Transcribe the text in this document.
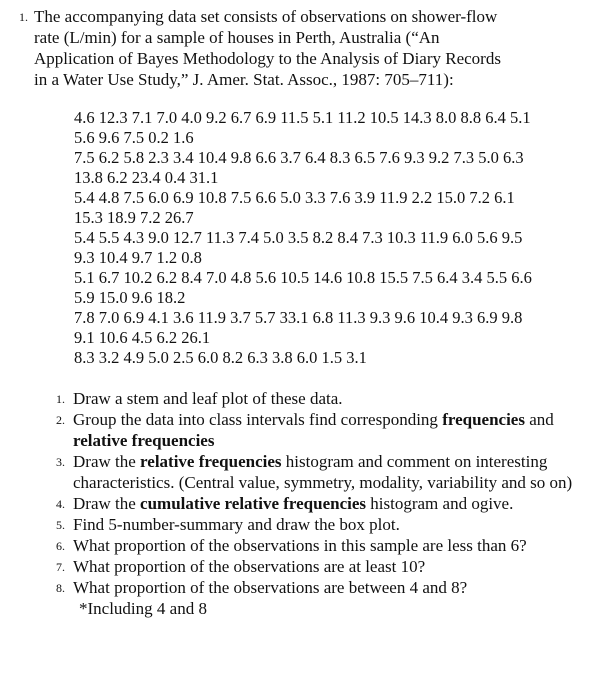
1. The accompanying data set consists of observations on shower-flow
rate (L/min) for a sample of houses in Perth, Australia (“An
Application of Bayes Methodology to the Analysis of Diary Records
in a Water Use Study,” J. Amer. Stat. Assoc., 1987: 705–711):

4.6 12.3 7.1 7.0 4.0 9.2 6.7 6.9 11.5 5.1 11.2 10.5 14.3 8.0 8.8 6.4 5.1

5.6 9.6 7.5 0.2 1.6

7.5 6.2 5.8 2.3 3.4 10.4 9.8 6.6 3.7 6.4 8.3 6.5 7.6 9.3 9.2 7.3 5.0 6.3

13.8 6.2 23.4 0.4 31.1

5.4 4.8 7.5 6.0 6.9 10.8 7.5 6.6 5.0 3.3 7.6 3.9 11.9 2.2 15.0 7.2 6.1

15.3 18.9 7.2 26.7

5.4 5.5 4.3 9.0 12.7 11.3 7.4 5.0 3.5 8.2 8.4 7.3 10.3 11.9 6.0 5.6 9.5

9.3 10.4 9.7 1.2 0.8

5.1 6.7 10.2 6.2 8.4 7.0 4.8 5.6 10.5 14.6 10.8 15.5 7.5 6.4 3.4 5.5 6.6

5.9 15.0 9.6 18.2

7.8 7.0 6.9 4.1 3.6 11.9 3.7 5.7 33.1 6.8 11.3 9.3 9.6 10.4 9.3 6.9 9.8

9.1 10.6 4.5 6.2 26.1

8.3 3.2 4.9 5.0 2.5 6.0 8.2 6.3 3.8 6.0 1.5 3.1

1. Draw a stem and leaf plot of these data.
2. Group the data into class intervals find corresponding frequencies and relative frequencies
3. Draw the relative frequencies histogram and comment on interesting characteristics. (Central value, symmetry, modality, variability and so on)
4. Draw the cumulative relative frequencies histogram and ogive.
5. Find 5-number-summary and draw the box plot.
6. What proportion of the observations in this sample are less than 6?
7. What proportion of the observations are at least 10?
8. What proportion of the observations are between 4 and 8?
*Including 4 and 8
